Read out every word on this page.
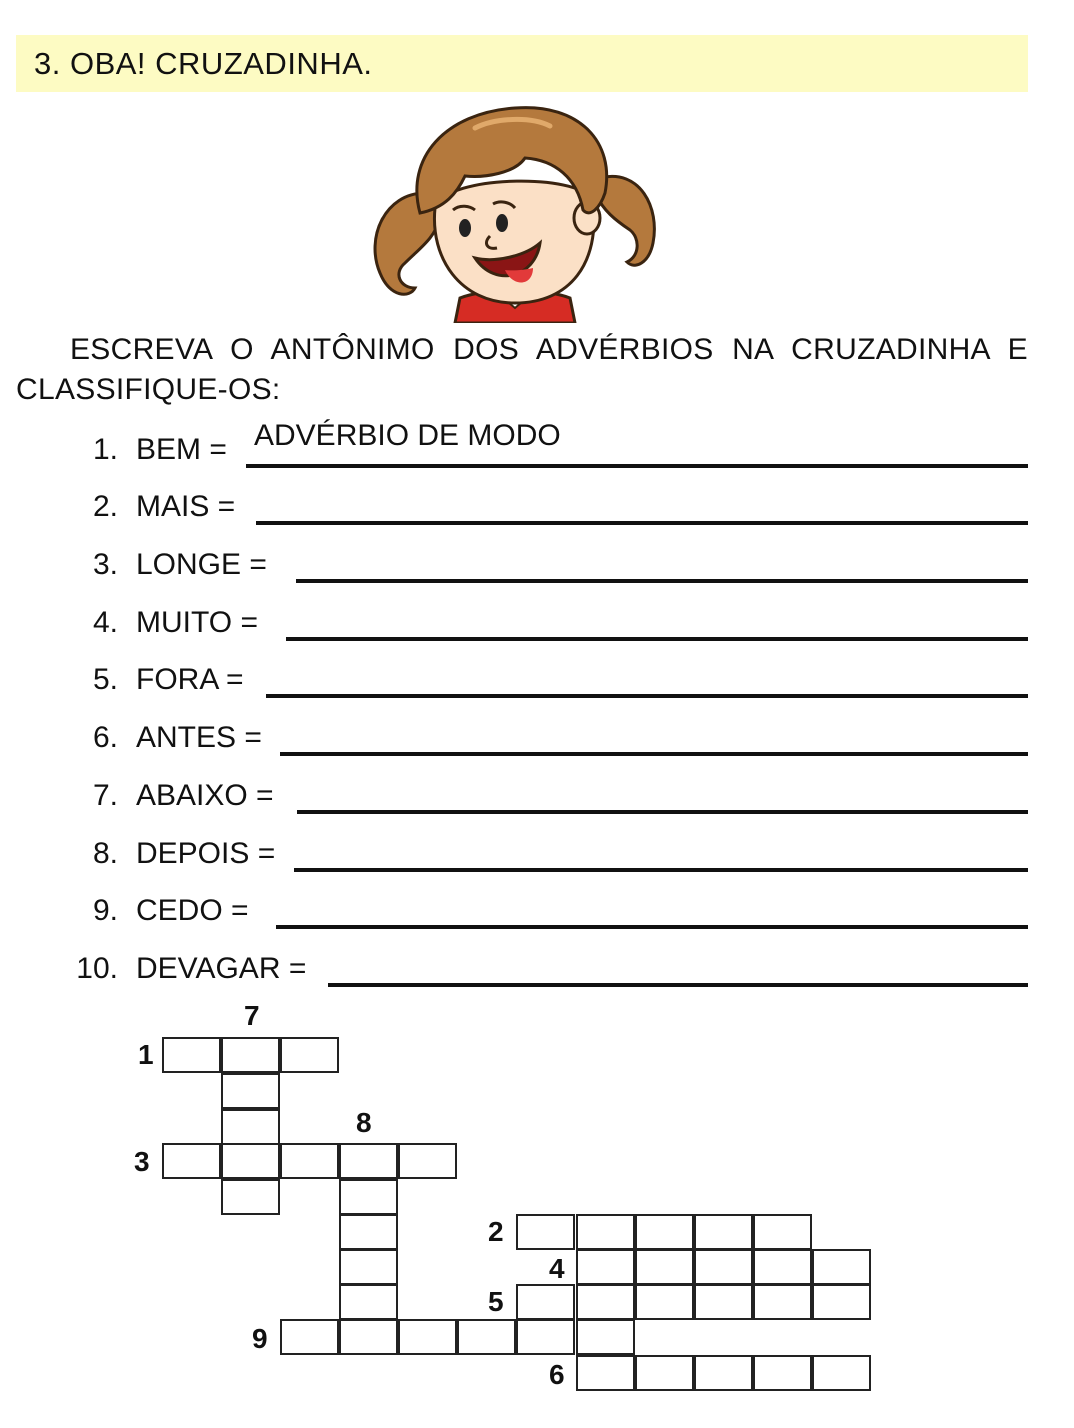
3. OBA! CRUZADINHA.
ESCREVA O ANTÔNIMO DOS ADVÉRBIOS NA CRUZADINHA E CLASSIFIQUE-OS:
1. BEM = ADVÉRBIO DE MODO
2. MAIS =
3. LONGE =
4. MUITO =
5. FORA =
6. ANTES =
7. ABAIXO =
8. DEPOIS =
9. CEDO =
10. DEVAGAR =
1
2
3
4
5
6
7
8
9
